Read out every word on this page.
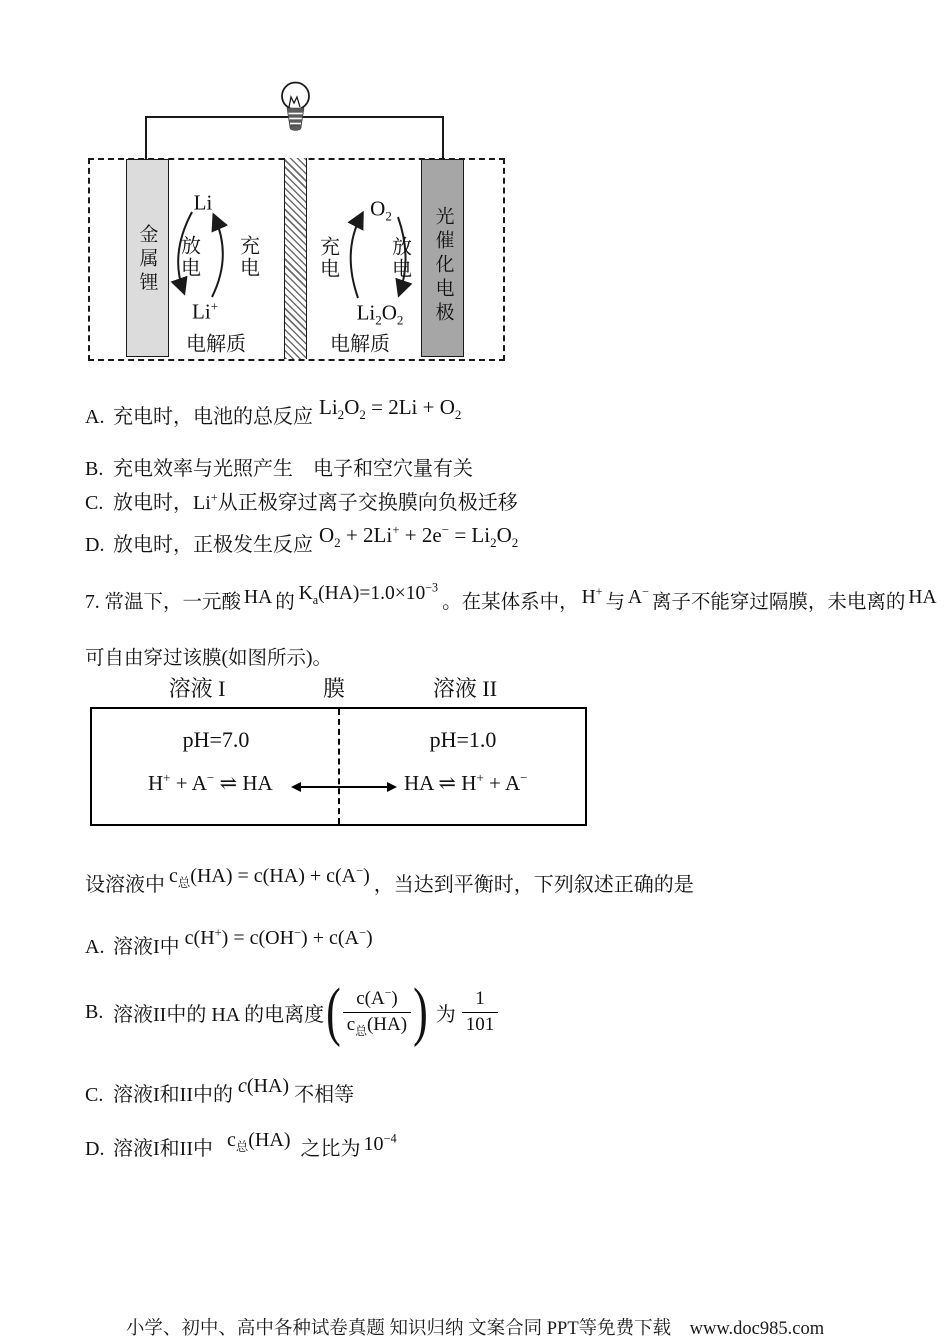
金属锂	光催化电极
Li
Li+
放电 充电
电解质
$O_2$
$Li_2O_2$
充电	放电
电解质
A. 充电时，电池的总反应 $Li_2O_2 = 2Li + O_2$
B. 充电效率与光照产生　电子和空穴量有关
C. 放电时，Li+从正极穿过离子交换膜向负极迁移
D. 放电时，正极发生反应 $O_2 + 2Li^+ + 2e^- = Li_2O_2$
7. 常温下，一元酸 HA 的 $K_a(HA)=1.0\times 10^{-3}$
。在某体系中， H+
与 A−
离子不能穿过隔膜，未电离的 HA
可自由穿过该膜(如图所示)。
溶液 I	膜	溶液 II
pH=7.0	pH=1.0
H+ + A− ⇌ HA	HA ⇌ H+ + A−
设溶液中 $c_总(HA) = c(HA) + c(A^-)$ ，当达到平衡时，下列叙述正确的是
A. 溶液I中 c(H+) = c(OH−) + c(A−)
B. 溶液II中的 HA 的电离度 ( $\frac{c(A^-)}{c_总(HA)}$ ) 为 $\frac{1}{101}$
C. 溶液I和II中的 c(HA) 不相等
D. 溶液I和II中 $c_总(HA)$ 之比为 $10^{-4}$
小学、初中、高中各种试卷真题 知识归纳 文案合同 PPT等免费下载　www.doc985.com
